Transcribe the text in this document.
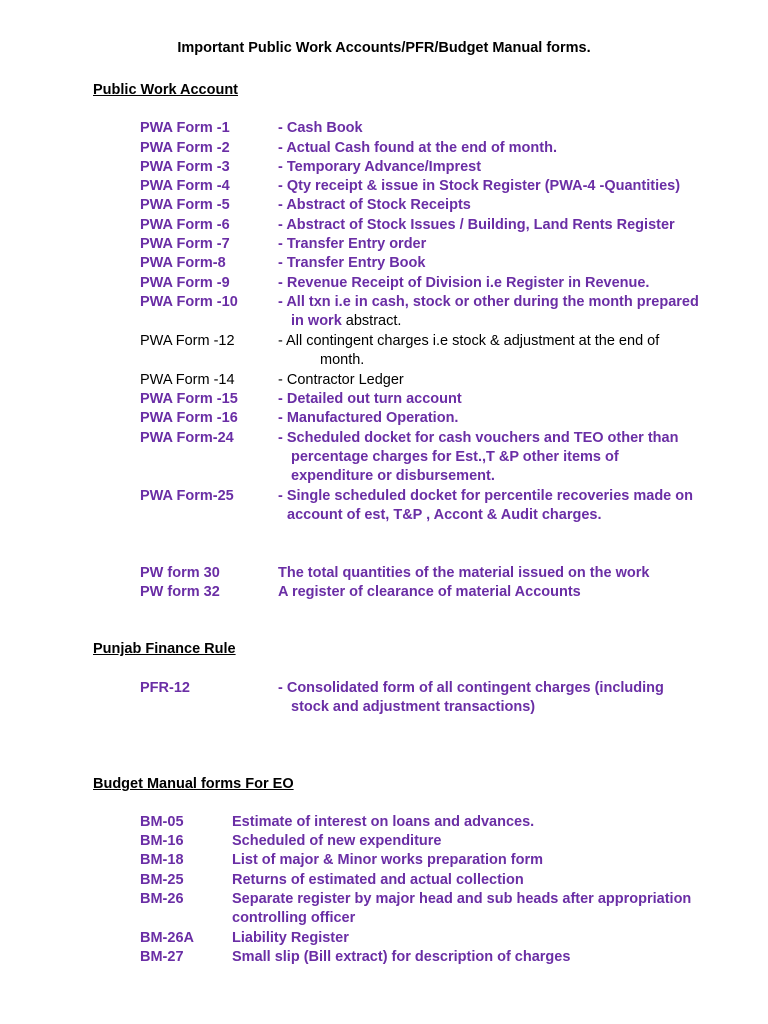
Important Public Work Accounts/PFR/Budget Manual forms.
Public Work Account
PWA Form -1	- Cash Book
PWA Form -2	- Actual Cash found at the end of month.
PWA Form -3	- Temporary Advance/Imprest
PWA Form -4	- Qty receipt & issue in Stock Register (PWA-4 -Quantities)
PWA Form -5	- Abstract of Stock Receipts
PWA Form -6	- Abstract of Stock Issues / Building, Land Rents Register
PWA Form -7	- Transfer Entry order
PWA Form-8	- Transfer Entry Book
PWA Form -9	- Revenue Receipt of Division i.e Register in Revenue.
PWA Form -10	- All txn i.e in cash, stock or other during the month prepared
in work abstract.
PWA Form -12	- All contingent charges i.e stock & adjustment at the end of
month.
PWA Form -14	- Contractor Ledger
PWA Form -15	- Detailed out turn account
PWA Form -16	- Manufactured Operation.
PWA Form-24	- Scheduled docket for cash vouchers and TEO other than
percentage charges for Est.,T &P other items of
expenditure or disbursement.
PWA Form-25	- Single scheduled docket for percentile recoveries made on
account of est, T&P , Accont & Audit charges.
PW form 30	The total quantities of the material issued on the work
PW form 32	A register of clearance of material Accounts
Punjab Finance Rule
PFR-12	- Consolidated form of all contingent charges (including
stock and adjustment transactions)
Budget Manual forms For EO
BM-05	Estimate of interest on loans and advances.
BM-16	Scheduled of new expenditure
BM-18	List of major & Minor works preparation form
BM-25	Returns of estimated and actual collection
BM-26	Separate register by major head and sub heads after appropriation
controlling officer
BM-26A	Liability Register
BM-27	Small slip (Bill extract) for description of charges
